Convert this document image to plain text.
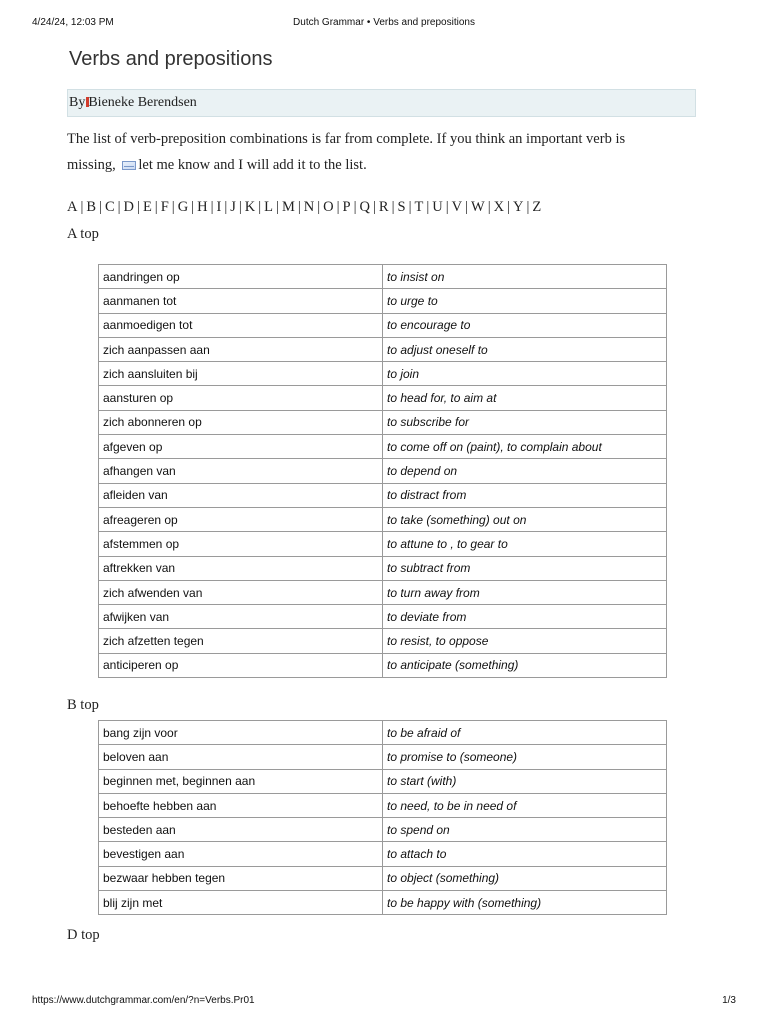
4/24/24, 12:03 PM	Dutch Grammar • Verbs and prepositions
Verbs and prepositions
By Bieneke Berendsen
The list of verb-preposition combinations is far from complete. If you think an important verb is
missing, let me know and I will add it to the list.
A | B | C | D | E | F | G | H | I | J | K | L | M | N | O | P | Q | R | S | T | U | V | W | X | Y | Z
A top
aandringen op	to insist on
aanmanen tot	to urge to
aanmoedigen tot	to encourage to
zich aanpassen aan	to adjust oneself to
zich aansluiten bij	to join
aansturen op	to head for, to aim at
zich abonneren op	to subscribe for
afgeven op	to come off on (paint), to complain about
afhangen van	to depend on
afleiden van	to distract from
afreageren op	to take (something) out on
afstemmen op	to attune to , to gear to
aftrekken van	to subtract from
zich afwenden van	to turn away from
afwijken van	to deviate from
zich afzetten tegen	to resist, to oppose
anticiperen op	to anticipate (something)
B top
bang zijn voor	to be afraid of
beloven aan	to promise to (someone)
beginnen met, beginnen aan	to start (with)
behoefte hebben aan	to need, to be in need of
besteden aan	to spend on
bevestigen aan	to attach to
bezwaar hebben tegen	to object (something)
blij zijn met	to be happy with (something)
D top
https://www.dutchgrammar.com/en/?n=Verbs.Pr01	1/3
